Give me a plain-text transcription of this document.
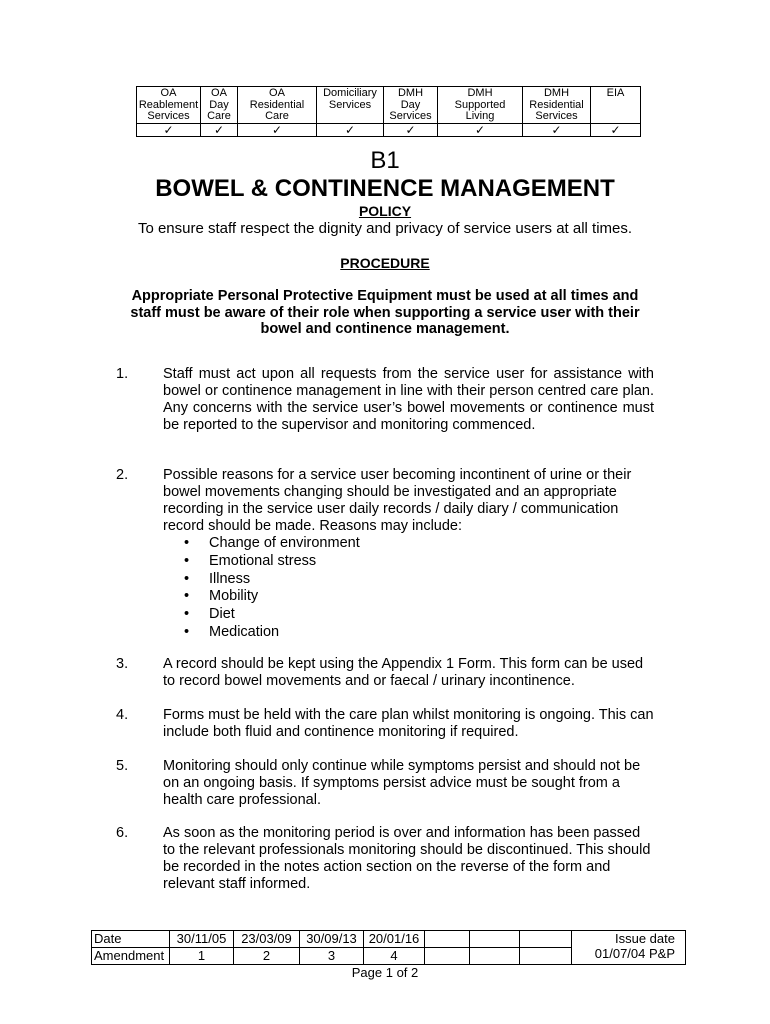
OA
Reablement
Services	OA
Day
Care	OA
Residential
Care	Domiciliary
Services	DMH
Day
Services	DMH
Supported
Living	DMH
Residential
Services	EIA

✓	✓	✓	✓	✓	✓	✓	✓
B1
BOWEL & CONTINENCE MANAGEMENT
POLICY
To ensure staff respect the dignity and privacy of service users at all times.
PROCEDURE
Appropriate Personal Protective Equipment must be used at all times and staff must be aware of their role when supporting a service user with their bowel and continence management.
1. Staff must act upon all requests from the service user for assistance with bowel or continence management in line with their person centred care plan. Any concerns with the service user’s bowel movements or continence must be reported to the supervisor and monitoring commenced.
2. Possible reasons for a service user becoming incontinent of urine or their bowel movements changing should be investigated and an appropriate recording in the service user daily records / daily diary / communication record should be made. Reasons may include:
• Change of environment
• Emotional stress
• Illness
• Mobility
• Diet
• Medication
3. A record should be kept using the Appendix 1 Form. This form can be used to record bowel movements and or faecal / urinary incontinence.
4. Forms must be held with the care plan whilst monitoring is ongoing. This can include both fluid and continence monitoring if required.
5. Monitoring should only continue while symptoms persist and should not be on an ongoing basis. If symptoms persist advice must be sought from a health care professional.
6. As soon as the monitoring period is over and information has been passed to the relevant professionals monitoring should be discontinued. This should be recorded in the notes action section on the reverse of the form and relevant staff informed.
Date	30/11/05	23/03/09	30/09/13	20/01/16				Issue date
01/07/04 P&P

Amendment	1	2	3	4				
Page 1 of 2
